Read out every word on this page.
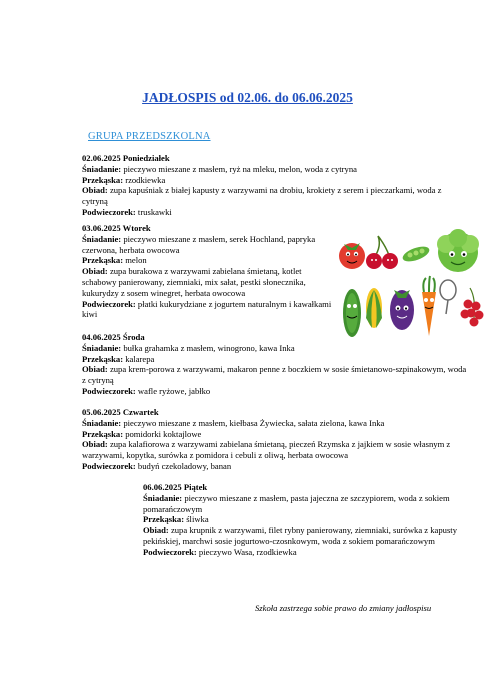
JADŁOSPIS od 02.06. do 06.06.2025
GRUPA PRZEDSZKOLNA
02.06.2025 Poniedziałek
Śniadanie: pieczywo mieszane z masłem, ryż na mleku, melon, woda z cytryna
Przekąska: rzodkiewka
Obiad: zupa kapuśniak z białej kapusty z warzywami na drobiu, krokiety z serem i pieczarkami, woda z cytryną
Podwieczorek: truskawki
03.06.2025 Wtorek
Śniadanie: pieczywo mieszane z masłem, serek Hochland, papryka czerwona, herbata owocowa
Przekąska: melon
Obiad: zupa burakowa z warzywami zabielana śmietaną, kotlet schabowy panierowany, ziemniaki, mix sałat, pestki słonecznika, kukurydzy z sosem winegret, herbata owocowa
Podwieczorek: płatki kukurydziane z jogurtem naturalnym i kawałkami kiwi
04.06.2025 Środa
Śniadanie: bułka grahamka z masłem, winogrono, kawa Inka
Przekąska: kalarepa
Obiad: zupa krem-porowa z warzywami, makaron penne z boczkiem w sosie śmietanowo-szpinakowym, woda z cytryną
Podwieczorek: wafle ryżowe, jabłko
05.06.2025 Czwartek
Śniadanie: pieczywo mieszane z masłem, kiełbasa Żywiecka, sałata zielona, kawa Inka
Przekąska: pomidorki koktajlowe
Obiad: zupa kalafiorowa z warzywami zabielana śmietaną, pieczeń Rzymska z jajkiem w sosie własnym z warzywami, kopytka, surówka z pomidora i cebuli z oliwą, herbata owocowa
Podwieczorek: budyń czekoladowy, banan
06.06.2025 Piątek
Śniadanie: pieczywo mieszane z masłem, pasta jajeczna ze szczypiorem, woda z sokiem pomarańczowym
Przekąska: śliwka
Obiad: zupa krupnik z warzywami, filet rybny panierowany, ziemniaki, surówka z kapusty pekińskiej, marchwi sosie jogurtowo-czosnkowym, woda z sokiem pomarańczowym
Podwieczorek: pieczywo Wasa, rzodkiewka
Szkoła zastrzega sobie prawo do zmiany jadłospisu
